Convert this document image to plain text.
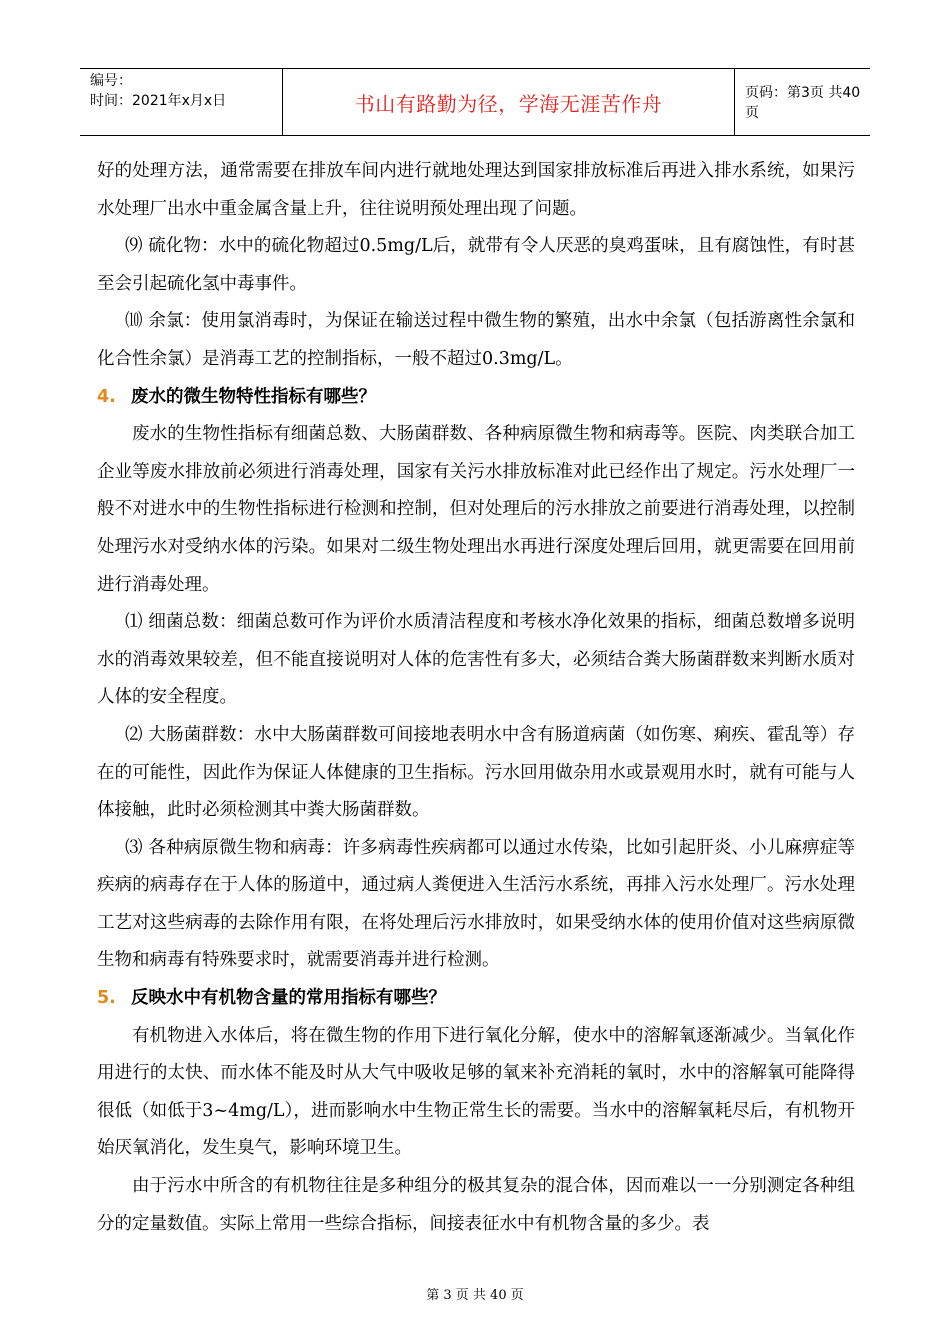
编号：
时间：2021年x月x日	书山有路勤为径，学海无涯苦作舟	页码：第3页 共40页

好的处理方法，通常需要在排放车间内进行就地处理达到国家排放标准后再进入排水系统，如果污水处理厂出水中重金属含量上升，往往说明预处理出现了问题。

⑼ 硫化物：水中的硫化物超过0.5mg/L后，就带有令人厌恶的臭鸡蛋味，且有腐蚀性，有时甚至会引起硫化氢中毒事件。

⑽ 余氯：使用氯消毒时，为保证在输送过程中微生物的繁殖，出水中余氯（包括游离性余氯和化合性余氯）是消毒工艺的控制指标，一般不超过0.3mg/L。

4. 废水的微生物特性指标有哪些？

废水的生物性指标有细菌总数、大肠菌群数、各种病原微生物和病毒等。医院、肉类联合加工企业等废水排放前必须进行消毒处理，国家有关污水排放标准对此已经作出了规定。污水处理厂一般不对进水中的生物性指标进行检测和控制，但对处理后的污水排放之前要进行消毒处理，以控制处理污水对受纳水体的污染。如果对二级生物处理出水再进行深度处理后回用，就更需要在回用前进行消毒处理。

⑴ 细菌总数：细菌总数可作为评价水质清洁程度和考核水净化效果的指标，细菌总数增多说明水的消毒效果较差，但不能直接说明对人体的危害性有多大，必须结合粪大肠菌群数来判断水质对人体的安全程度。

⑵ 大肠菌群数：水中大肠菌群数可间接地表明水中含有肠道病菌（如伤寒、痢疾、霍乱等）存在的可能性，因此作为保证人体健康的卫生指标。污水回用做杂用水或景观用水时，就有可能与人体接触，此时必须检测其中粪大肠菌群数。

⑶ 各种病原微生物和病毒：许多病毒性疾病都可以通过水传染，比如引起肝炎、小儿麻痹症等疾病的病毒存在于人体的肠道中，通过病人粪便进入生活污水系统，再排入污水处理厂。污水处理工艺对这些病毒的去除作用有限，在将处理后污水排放时，如果受纳水体的使用价值对这些病原微生物和病毒有特殊要求时，就需要消毒并进行检测。

5. 反映水中有机物含量的常用指标有哪些？

有机物进入水体后，将在微生物的作用下进行氧化分解，使水中的溶解氧逐渐减少。当氧化作用进行的太快、而水体不能及时从大气中吸收足够的氧来补充消耗的氧时，水中的溶解氧可能降得很低（如低于3~4mg/L），进而影响水中生物正常生长的需要。当水中的溶解氧耗尽后，有机物开始厌氧消化，发生臭气，影响环境卫生。

由于污水中所含的有机物往往是多种组分的极其复杂的混合体，因而难以一一分别测定各种组分的定量数值。实际上常用一些综合指标，间接表征水中有机物含量的多少。表

第 3 页 共 40 页
